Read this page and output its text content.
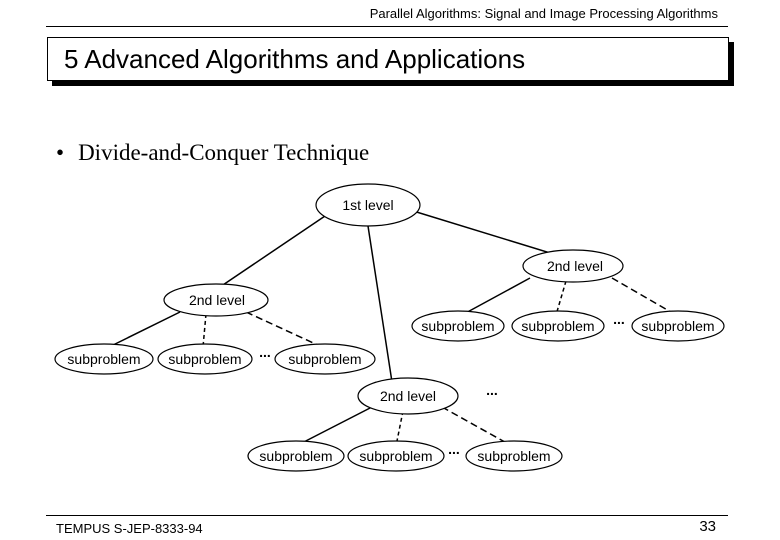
Parallel Algorithms: Signal and Image Processing Algorithms
5 Advanced Algorithms and Applications
• Divide-and-Conquer Technique
1st level
2nd level
2nd level
subproblem subproblem	subproblem
subproblem subproblem	subproblem
2nd level
subproblem subproblem	subproblem
...
...
...
...
TEMPUS S-JEP-8333-94	33
